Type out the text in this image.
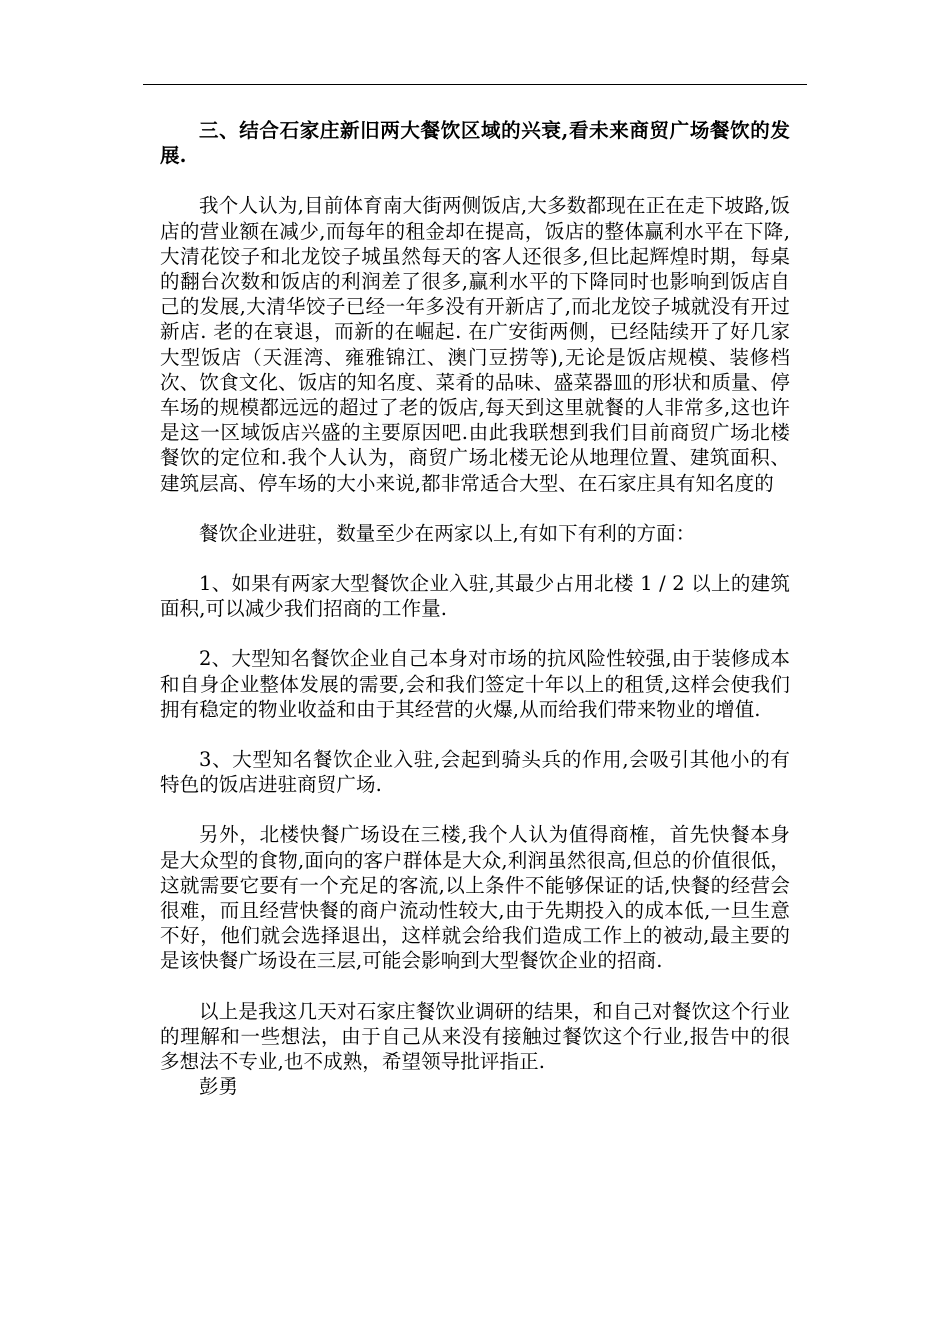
三、结合石家庄新旧两大餐饮区域的兴衰,看未来商贸广场餐饮的发展.

我个人认为,目前体育南大街两侧饭店,大多数都现在正在走下坡路,饭店的营业额在减少,而每年的租金却在提高，饭店的整体赢利水平在下降,大清花饺子和北龙饺子城虽然每天的客人还很多,但比起辉煌时期，每桌的翻台次数和饭店的利润差了很多,赢利水平的下降同时也影响到饭店自己的发展,大清华饺子已经一年多没有开新店了,而北龙饺子城就没有开过新店. 老的在衰退，而新的在崛起. 在广安街两侧，已经陆续开了好几家大型饭店（天涯湾、雍雅锦江、澳门豆捞等),无论是饭店规模、装修档次、饮食文化、饭店的知名度、菜肴的品味、盛菜器皿的形状和质量、停车场的规模都远远的超过了老的饭店,每天到这里就餐的人非常多,这也许是这一区域饭店兴盛的主要原因吧.由此我联想到我们目前商贸广场北楼餐饮的定位和.我个人认为，商贸广场北楼无论从地理位置、建筑面积、建筑层高、停车场的大小来说,都非常适合大型、在石家庄具有知名度的

餐饮企业进驻，数量至少在两家以上,有如下有利的方面：

1、如果有两家大型餐饮企业入驻,其最少占用北楼 1 / 2 以上的建筑面积,可以减少我们招商的工作量.

2、大型知名餐饮企业自己本身对市场的抗风险性较强,由于装修成本和自身企业整体发展的需要,会和我们签定十年以上的租赁,这样会使我们拥有稳定的物业收益和由于其经营的火爆,从而给我们带来物业的增值.

3、大型知名餐饮企业入驻,会起到骑头兵的作用,会吸引其他小的有特色的饭店进驻商贸广场.

另外，北楼快餐广场设在三楼,我个人认为值得商榷，首先快餐本身是大众型的食物,面向的客户群体是大众,利润虽然很高,但总的价值很低，这就需要它要有一个充足的客流,以上条件不能够保证的话,快餐的经营会很难，而且经营快餐的商户流动性较大,由于先期投入的成本低,一旦生意不好，他们就会选择退出，这样就会给我们造成工作上的被动,最主要的是该快餐广场设在三层,可能会影响到大型餐饮企业的招商.

以上是我这几天对石家庄餐饮业调研的结果，和自己对餐饮这个行业的理解和一些想法，由于自己从来没有接触过餐饮这个行业,报告中的很多想法不专业,也不成熟，希望领导批评指正.

彭勇
